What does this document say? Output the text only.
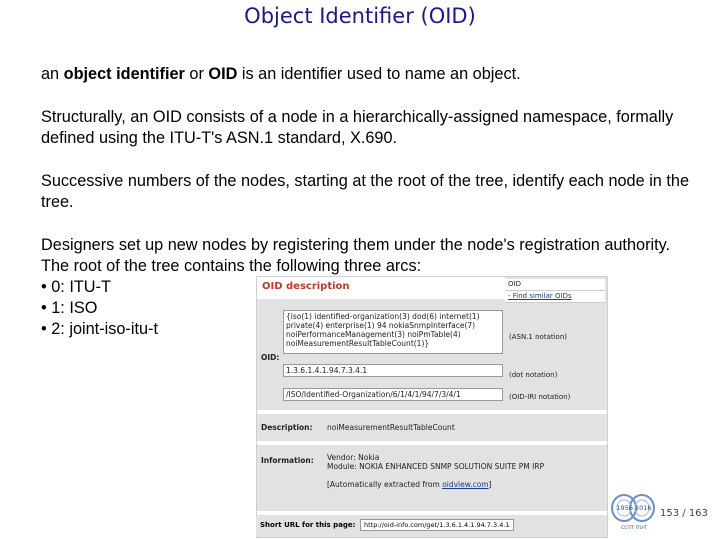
Object Identifier (OID)

an object identifier or OID is an identifier used to name an object.

Structurally, an OID consists of a node in a hierarchically-assigned namespace, formally defined using the ITU-T's ASN.1 standard, X.690.

Successive numbers of the nodes, starting at the root of the tree, identify each node in the tree.

Designers set up new nodes by registering them under the node's registration authority. The root of the tree contains the following three arcs:
• 0: ITU-T
• 1: ISO
• 2: joint-iso-itu-t

OID description	OID
- Find similar OIDs
OID:
{iso(1) identified-organization(3) dod(6) internet(1)
private(4) enterprise(1) 94 nokiaSnmpInterface(7)
noiPerformanceManagement(3) noiPmTable(4)
noiMeasurementResultTableCount(1)}
(ASN.1 notation)
1.3.6.1.4.1.94.7.3.4.1	(dot notation)
/ISO/Identified-Organization/6/1/4/1/94/7/3/4/1	(OID-IRI notation)
Description: noiMeasurementResultTableCount
Information: Vendor: Nokia
Module: NOKIA ENHANCED SNMP SOLUTION SUITE PM IRP
[Automatically extracted from oidview.com]
Short URL for this page:	http://oid-info.com/get/1.3.6.1.4.1.94.7.3.4.1
1956 2016
CCITT ITU-T
153 / 163
